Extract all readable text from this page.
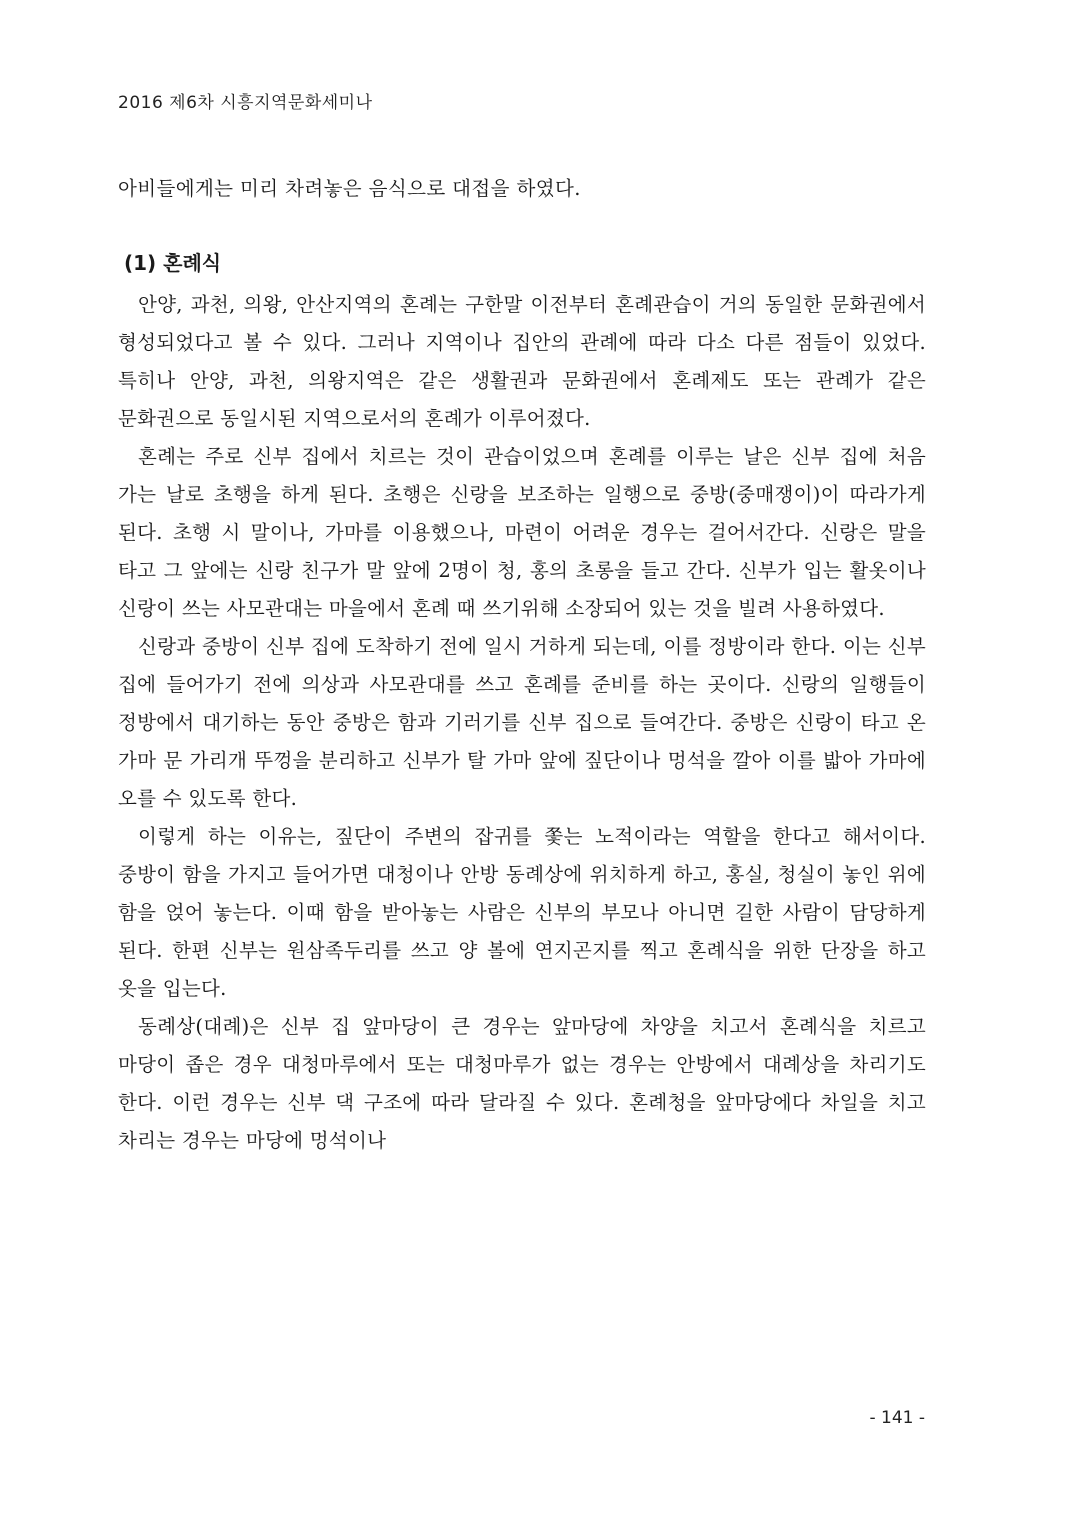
2016 제6차 시흥지역문화세미나

아비들에게는 미리 차려놓은 음식으로 대접을 하였다.

(1) 혼례식

안양, 과천, 의왕, 안산지역의 혼례는 구한말 이전부터 혼례관습이 거의 동일한 문화권에서 형성되었다고 볼 수 있다. 그러나 지역이나 집안의 관례에 따라 다소 다른 점들이 있었다. 특히나 안양, 과천, 의왕지역은 같은 생활권과 문화권에서 혼례제도 또는 관례가 같은 문화권으로 동일시된 지역으로서의 혼례가 이루어졌다.

혼례는 주로 신부 집에서 치르는 것이 관습이었으며 혼례를 이루는 날은 신부 집에 처음 가는 날로 초행을 하게 된다. 초행은 신랑을 보조하는 일행으로 중방(중매쟁이)이 따라가게 된다. 초행 시 말이나, 가마를 이용했으나, 마련이 어려운 경우는 걸어서간다. 신랑은 말을 타고 그 앞에는 신랑 친구가 말 앞에 2명이 청, 홍의 초롱을 들고 간다. 신부가 입는 활옷이나 신랑이 쓰는 사모관대는 마을에서 혼례 때 쓰기위해 소장되어 있는 것을 빌려 사용하였다.

신랑과 중방이 신부 집에 도착하기 전에 일시 거하게 되는데, 이를 정방이라 한다. 이는 신부 집에 들어가기 전에 의상과 사모관대를 쓰고 혼례를 준비를 하는 곳이다. 신랑의 일행들이 정방에서 대기하는 동안 중방은 함과 기러기를 신부 집으로 들여간다. 중방은 신랑이 타고 온 가마 문 가리개 뚜껑을 분리하고 신부가 탈 가마 앞에 짚단이나 멍석을 깔아 이를 밟아 가마에 오를 수 있도록 한다.

이렇게 하는 이유는, 짚단이 주변의 잡귀를 쫓는 노적이라는 역할을 한다고 해서이다. 중방이 함을 가지고 들어가면 대청이나 안방 동례상에 위치하게 하고, 홍실, 청실이 놓인 위에 함을 얹어 놓는다. 이때 함을 받아놓는 사람은 신부의 부모나 아니면 길한 사람이 담당하게 된다. 한편 신부는 원삼족두리를 쓰고 양 볼에 연지곤지를 찍고 혼례식을 위한 단장을 하고 옷을 입는다.

동례상(대례)은 신부 집 앞마당이 큰 경우는 앞마당에 차양을 치고서 혼례식을 치르고 마당이 좁은 경우 대청마루에서 또는 대청마루가 없는 경우는 안방에서 대례상을 차리기도 한다. 이런 경우는 신부 댁 구조에 따라 달라질 수 있다. 혼례청을 앞마당에다 차일을 치고 차리는 경우는 마당에 멍석이나

- 141 -
